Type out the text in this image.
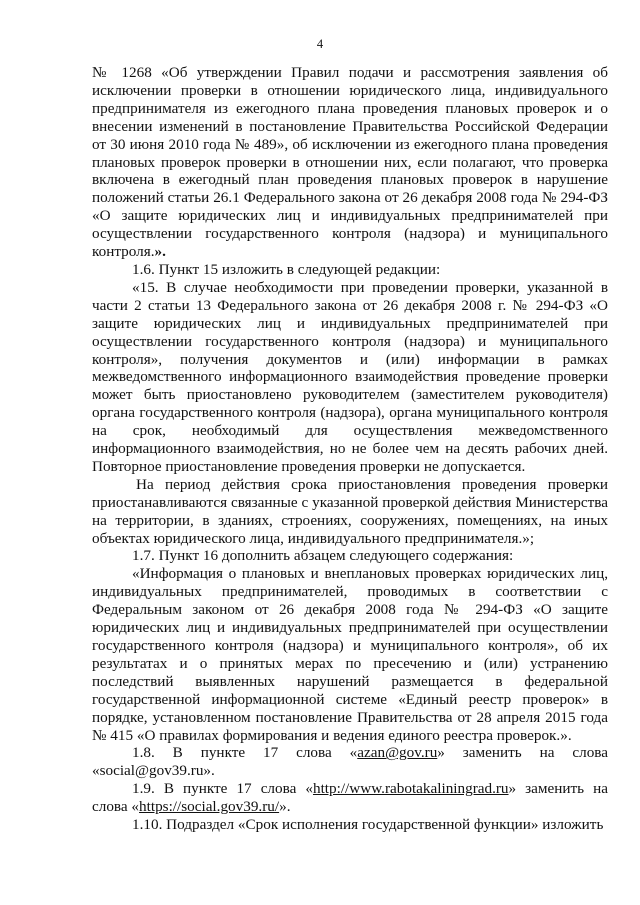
4

№ 1268 «Об утверждении Правил подачи и рассмотрения заявления об исключении проверки в отношении юридического лица, индивидуального предпринимателя из ежегодного плана проведения плановых проверок и о внесении изменений в постановление Правительства Российской Федерации от 30 июня 2010 года № 489», об исключении из ежегодного плана проведения плановых проверок проверки в отношении них, если полагают, что проверка включена в ежегодный план проведения плановых проверок в нарушение положений статьи 26.1 Федерального закона от 26 декабря 2008 года № 294-ФЗ «О защите юридических лиц и индивидуальных предпринимателей при осуществлении государственного контроля (надзора) и муниципального контроля.».

1.6. Пункт 15 изложить в следующей редакции:

«15. В случае необходимости при проведении проверки, указанной в части 2 статьи 13 Федерального закона от 26 декабря 2008 г. № 294-ФЗ «О защите юридических лиц и индивидуальных предпринимателей при осуществлении государственного контроля (надзора) и муниципального контроля», получения документов и (или) информации в рамках межведомственного информационного взаимодействия проведение проверки может быть приостановлено руководителем (заместителем руководителя) органа государственного контроля (надзора), органа муниципального контроля на срок, необходимый для осуществления межведомственного информационного взаимодействия, но не более чем на десять рабочих дней. Повторное приостановление проведения проверки не допускается.

На период действия срока приостановления проведения проверки приостанавливаются связанные с указанной проверкой действия Министерства на территории, в зданиях, строениях, сооружениях, помещениях, на иных объектах юридического лица, индивидуального предпринимателя.»;

1.7. Пункт 16 дополнить абзацем следующего содержания:

«Информация о плановых и внеплановых проверках юридических лиц, индивидуальных предпринимателей, проводимых в соответствии с Федеральным законом от 26 декабря 2008 года № 294-ФЗ «О защите юридических лиц и индивидуальных предпринимателей при осуществлении государственного контроля (надзора) и муниципального контроля», об их результатах и о принятых мерах по пресечению и (или) устранению последствий выявленных нарушений размещается в федеральной государственной информационной системе «Единый реестр проверок» в порядке, установленном постановление Правительства от 28 апреля 2015 года № 415 «О правилах формирования и ведения единого реестра проверок.».

1.8. В пункте 17 слова «azan@gov.ru» заменить на слова «social@gov39.ru».

1.9. В пункте 17 слова «http://www.rabotakaliningrad.ru» заменить на слова «https://social.gov39.ru/».

1.10. Подраздел «Срок исполнения государственной функции» изложить
